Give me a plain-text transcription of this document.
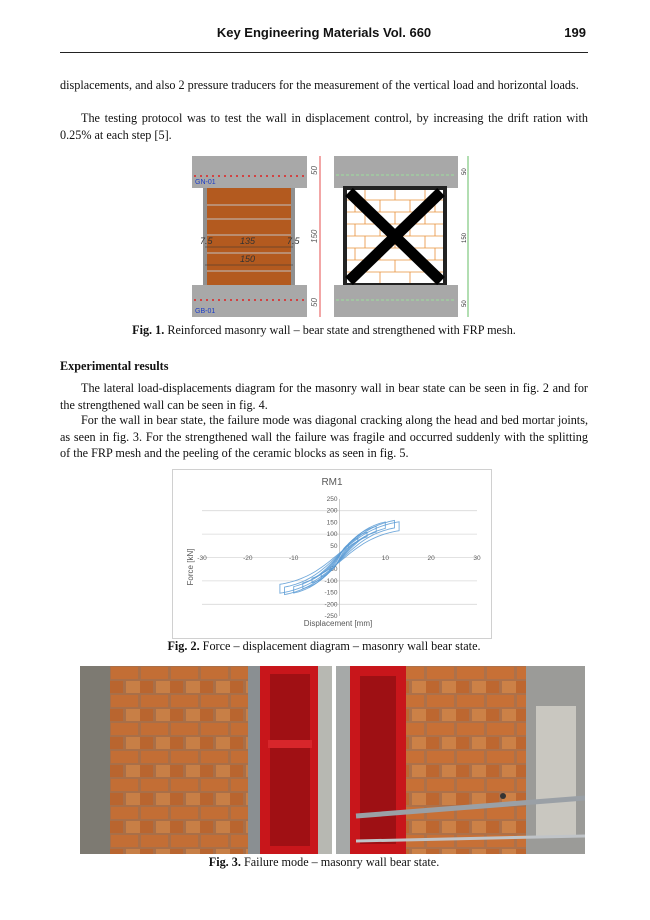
Key Engineering Materials Vol. 660	199

displacements, and also 2 pressure traducers for the measurement of the vertical load and horizontal loads.

The testing protocol was to test the wall in displacement control, by increasing the drift ration with 0.25% at each step [5].

GN-01
7.5	135	7.5
150
GB-01
50
150
50
50
150
50
Fig. 1. Reinforced masonry wall – bear state and strengthened with FRP mesh.
Experimental results

The lateral load-displacements diagram for the masonry wall in bear state can be seen in fig. 2 and for the strengthened wall can be seen in fig. 4.

For the wall in bear state, the failure mode was diagonal cracking along the head and bed mortar joints, as seen in fig. 3. For the strengthened wall the failure was fragile and occurred suddenly with the splitting of the FRP mesh and the peeling of the ceramic blocks as seen in fig. 5.

RM1
250
200
150
100
50
-50
-100
-150
-200
-250
-30	-20	-10	10	20	30
Displacement [mm]
Force [kN]
Fig. 2. Force – displacement diagram – masonry wall bear state.
Fig. 3. Failure mode – masonry wall bear state.
